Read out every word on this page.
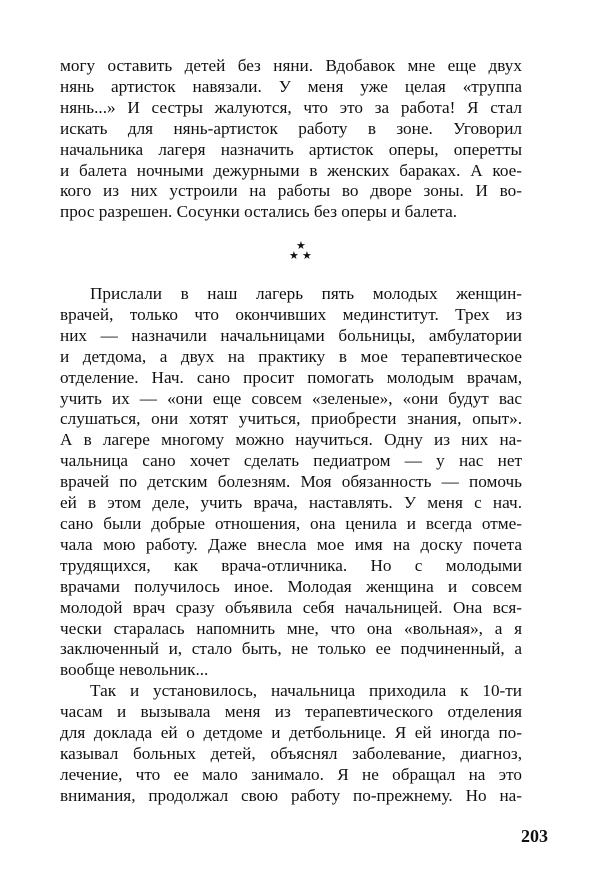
могу оставить детей без няни. Вдобавок мне еще двух
нянь артисток навязали. У меня уже целая «труппа
нянь...» И сестры жалуются, что это за работа! Я стал
искать для нянь-артисток работу в зоне. Уговорил
начальника лагеря назначить артисток оперы, оперетты
и балета ночными дежурными в женских бараках. А кое-
кого из них устроили на работы во дворе зоны. И во-
прос разрешен. Сосунки остались без оперы и балета.
★
★ ★
Прислали в наш лагерь пять молодых женщин-
врачей, только что окончивших мединститут. Трех из
них — назначили начальницами больницы, амбулатории
и детдома, а двух на практику в мое терапевтическое
отделение. Нач. сано просит помогать молодым врачам,
учить их — «они еще совсем «зеленые», «они будут вас
слушаться, они хотят учиться, приобрести знания, опыт».
А в лагере многому можно научиться. Одну из них на-
чальница сано хочет сделать педиатром — у нас нет
врачей по детским болезням. Моя обязанность — помочь
ей в этом деле, учить врача, наставлять. У меня с нач.
сано были добрые отношения, она ценила и всегда отме-
чала мою работу. Даже внесла мое имя на доску почета
трудящихся, как врача-отличника. Но с молодыми
врачами получилось иное. Молодая женщина и совсем
молодой врач сразу объявила себя начальницей. Она вся-
чески старалась напомнить мне, что она «вольная», а я
заключенный и, стало быть, не только ее подчиненный, а
вообще невольник...
Так и установилось, начальница приходила к 10-ти
часам и вызывала меня из терапевтического отделения
для доклада ей о детдоме и детбольнице. Я ей иногда по-
казывал больных детей, объяснял заболевание, диагноз,
лечение, что ее мало занимало. Я не обращал на это
внимания, продолжал свою работу по-прежнему. Но на-
203
